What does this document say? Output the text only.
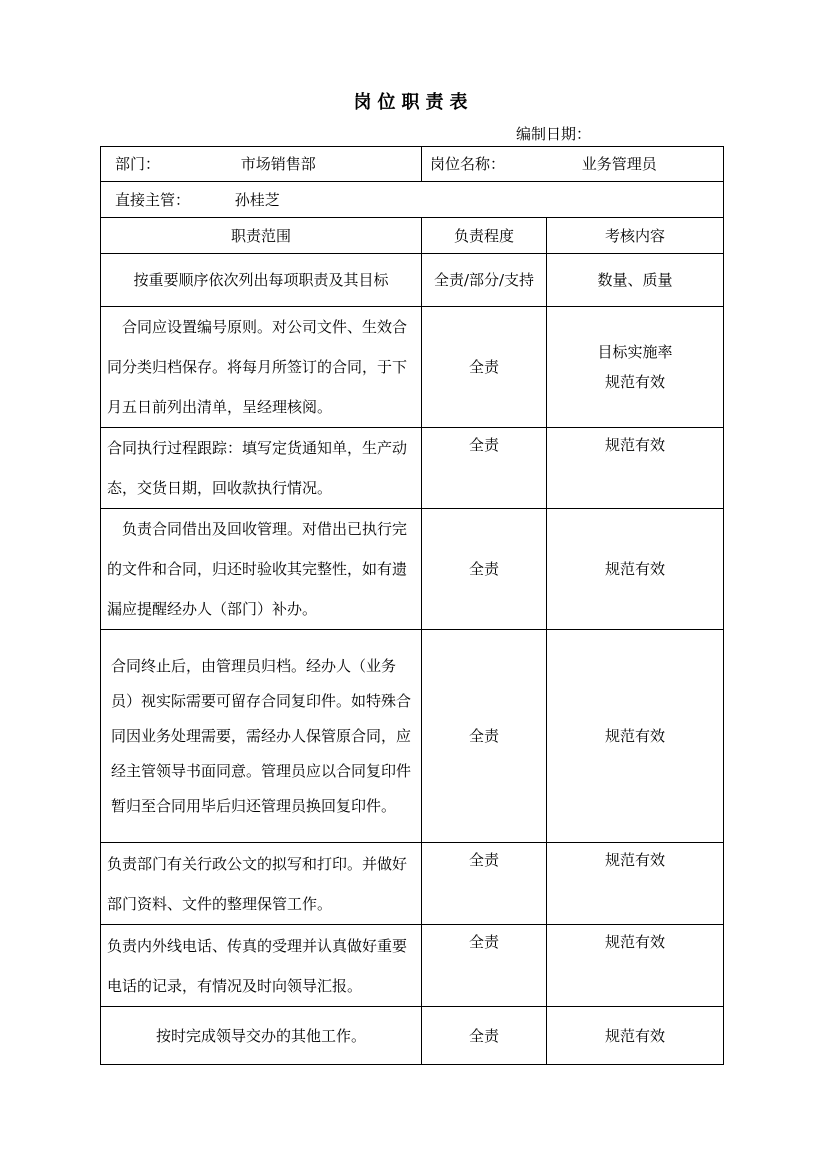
岗位职责表
编制日期：
部门： 市场销售部	岗位名称： 业务管理员	
直接主管： 孙桂芝		
职责范围	负责程度	考核内容
按重要顺序依次列出每项职责及其目标	全责/部分/支持	数量、质量
　合同应设置编号原则。对公司文件、生效合同分类归档保存。将每月所签订的合同，于下月五日前列出清单，呈经理核阅。	全责	目标实施率
规范有效

合同执行过程跟踪：填写定货通知单，生产动态，交货日期，回收款执行情况。	全责	规范有效
　负责合同借出及回收管理。对借出已执行完的文件和合同，归还时验收其完整性，如有遗漏应提醒经办人（部门）补办。	全责	规范有效
合同终止后，由管理员归档。经办人（业务员）视实际需要可留存合同复印件。如特殊合同因业务处理需要，需经办人保管原合同，应经主管领导书面同意。管理员应以合同复印件暂归至合同用毕后归还管理员换回复印件。	全责	规范有效
负责部门有关行政公文的拟写和打印。并做好部门资料、文件的整理保管工作。	全责	规范有效
负责内外线电话、传真的受理并认真做好重要电话的记录，有情况及时向领导汇报。	全责	规范有效
按时完成领导交办的其他工作。	全责	规范有效
